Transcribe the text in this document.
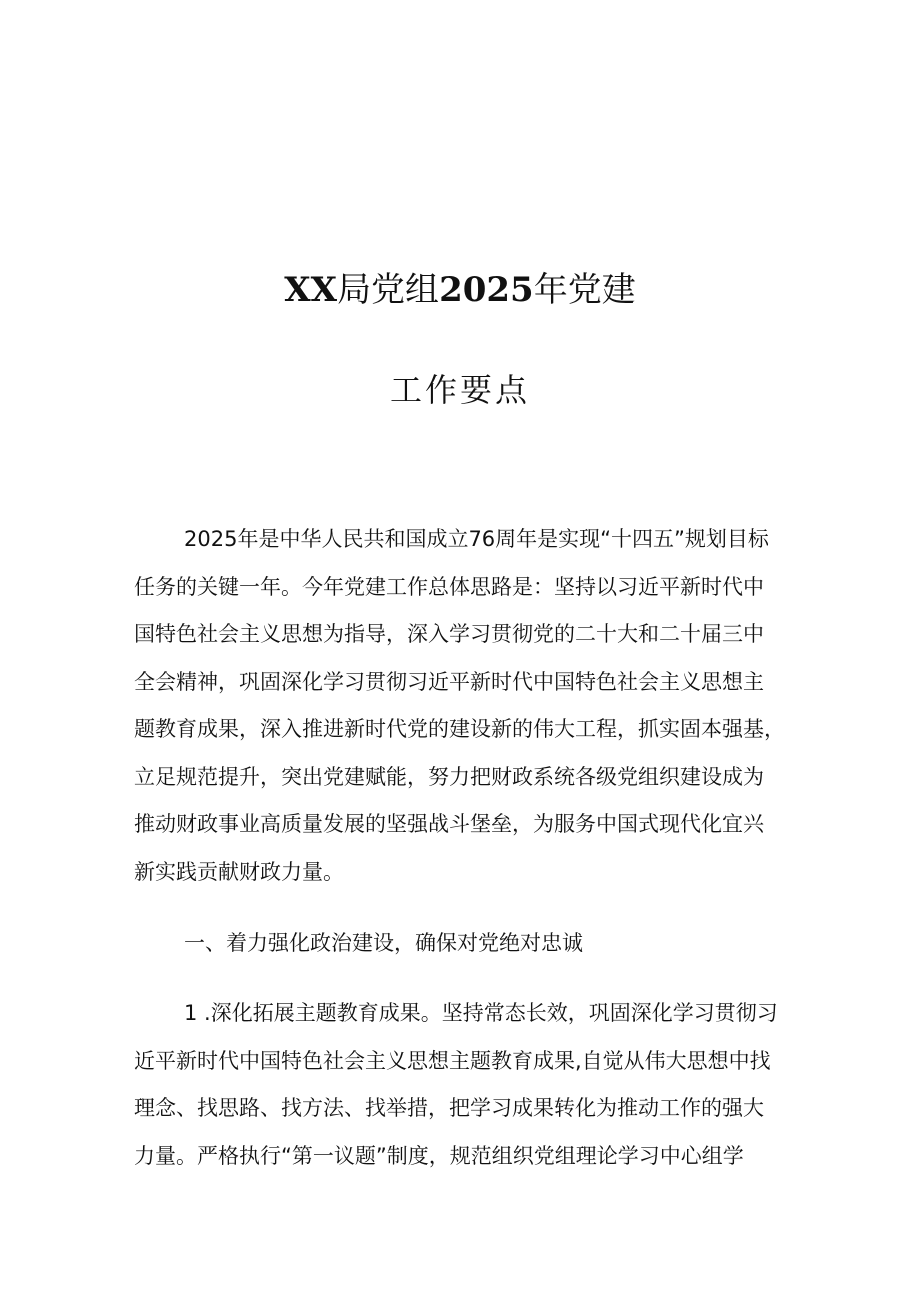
XX局党组2025年党建
工作要点
2025年是中华人民共和国成立76周年是实现“十四五”规划目标
任务的关键一年。今年党建工作总体思路是：坚持以习近平新时代中
国特色社会主义思想为指导，深入学习贯彻党的二十大和二十届三中
全会精神，巩固深化学习贯彻习近平新时代中国特色社会主义思想主
题教育成果，深入推进新时代党的建设新的伟大工程，抓实固本强基，
立足规范提升，突出党建赋能，努力把财政系统各级党组织建设成为
推动财政事业高质量发展的坚强战斗堡垒，为服务中国式现代化宜兴
新实践贡献财政力量。
一、着力强化政治建设，确保对党绝对忠诚
1 .深化拓展主题教育成果。坚持常态长效，巩固深化学习贯彻习
近平新时代中国特色社会主义思想主题教育成果,自觉从伟大思想中找
理念、找思路、找方法、找举措，把学习成果转化为推动工作的强大
力量。严格执行“第一议题”制度，规范组织党组理论学习中心组学
